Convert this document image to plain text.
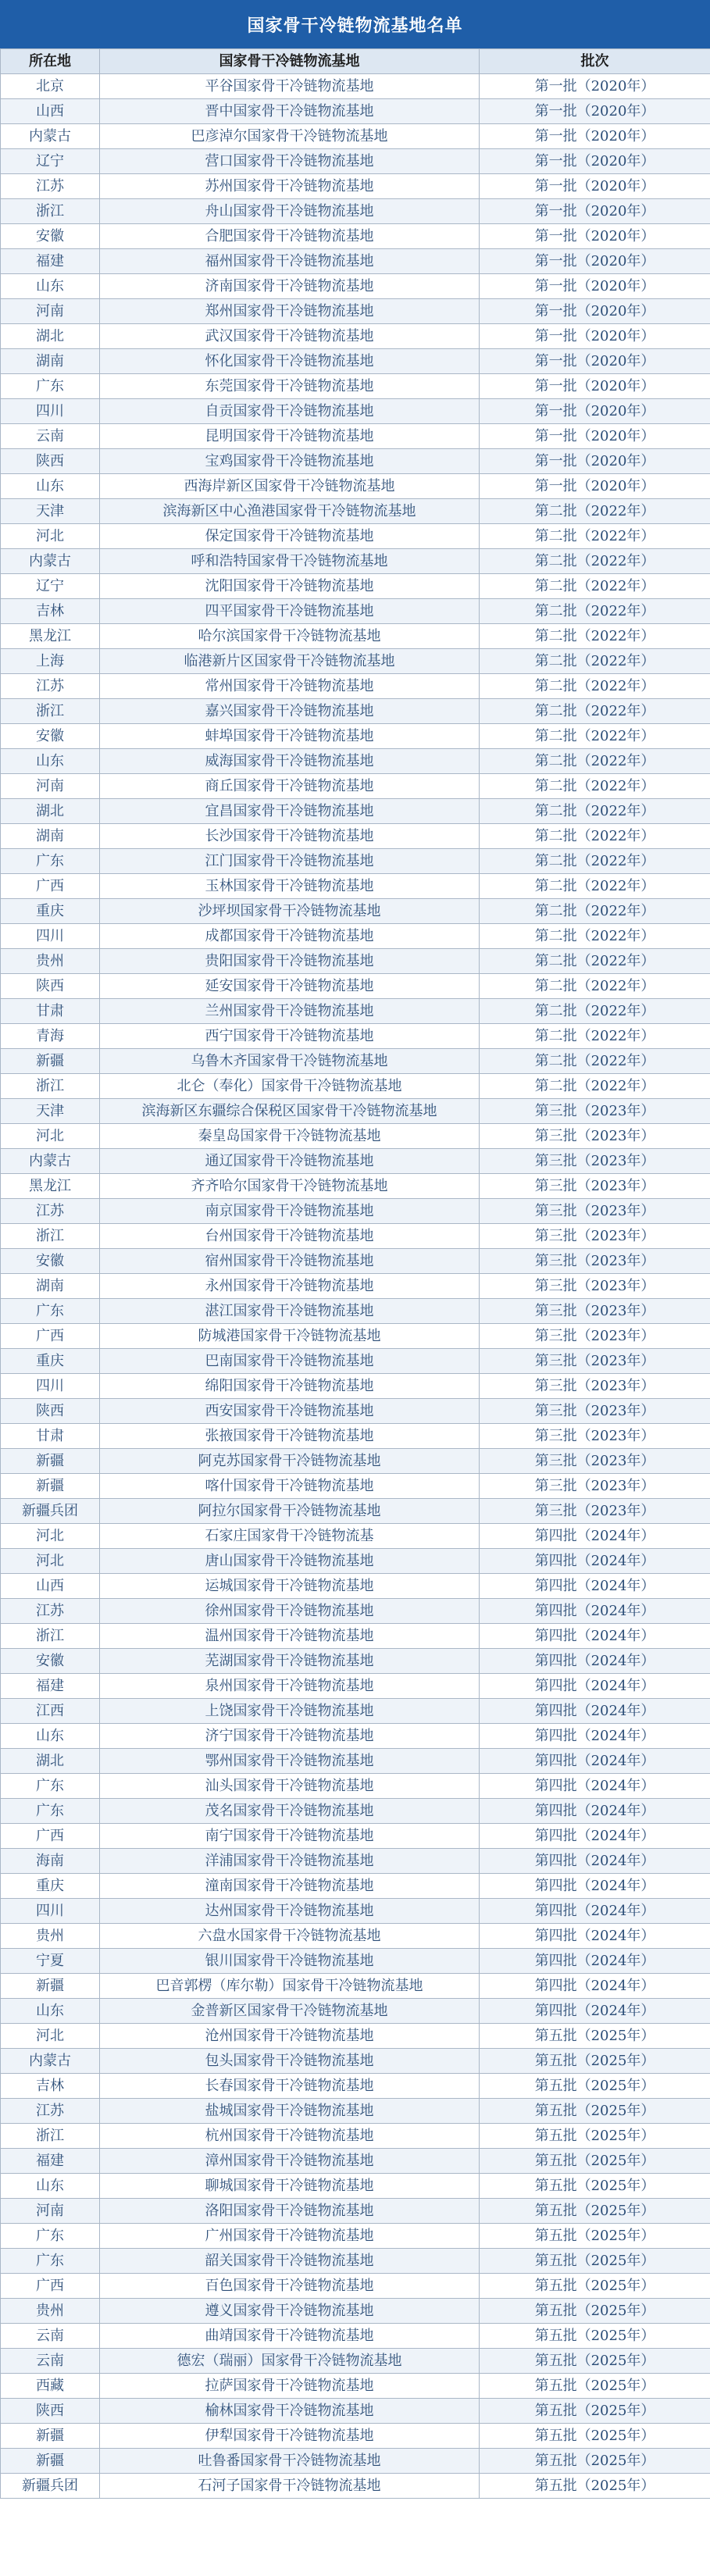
国家骨干冷链物流基地名单
所在地	国家骨干冷链物流基地	批次
北京	平谷国家骨干冷链物流基地	第一批（2020年）
山西	晋中国家骨干冷链物流基地	第一批（2020年）
内蒙古	巴彦淖尔国家骨干冷链物流基地	第一批（2020年）
辽宁	营口国家骨干冷链物流基地	第一批（2020年）
江苏	苏州国家骨干冷链物流基地	第一批（2020年）
浙江	舟山国家骨干冷链物流基地	第一批（2020年）
安徽	合肥国家骨干冷链物流基地	第一批（2020年）
福建	福州国家骨干冷链物流基地	第一批（2020年）
山东	济南国家骨干冷链物流基地	第一批（2020年）
河南	郑州国家骨干冷链物流基地	第一批（2020年）
湖北	武汉国家骨干冷链物流基地	第一批（2020年）
湖南	怀化国家骨干冷链物流基地	第一批（2020年）
广东	东莞国家骨干冷链物流基地	第一批（2020年）
四川	自贡国家骨干冷链物流基地	第一批（2020年）
云南	昆明国家骨干冷链物流基地	第一批（2020年）
陕西	宝鸡国家骨干冷链物流基地	第一批（2020年）
山东	西海岸新区国家骨干冷链物流基地	第一批（2020年）
天津	滨海新区中心渔港国家骨干冷链物流基地	第二批（2022年）
河北	保定国家骨干冷链物流基地	第二批（2022年）
内蒙古	呼和浩特国家骨干冷链物流基地	第二批（2022年）
辽宁	沈阳国家骨干冷链物流基地	第二批（2022年）
吉林	四平国家骨干冷链物流基地	第二批（2022年）
黑龙江	哈尔滨国家骨干冷链物流基地	第二批（2022年）
上海	临港新片区国家骨干冷链物流基地	第二批（2022年）
江苏	常州国家骨干冷链物流基地	第二批（2022年）
浙江	嘉兴国家骨干冷链物流基地	第二批（2022年）
安徽	蚌埠国家骨干冷链物流基地	第二批（2022年）
山东	威海国家骨干冷链物流基地	第二批（2022年）
河南	商丘国家骨干冷链物流基地	第二批（2022年）
湖北	宜昌国家骨干冷链物流基地	第二批（2022年）
湖南	长沙国家骨干冷链物流基地	第二批（2022年）
广东	江门国家骨干冷链物流基地	第二批（2022年）
广西	玉林国家骨干冷链物流基地	第二批（2022年）
重庆	沙坪坝国家骨干冷链物流基地	第二批（2022年）
四川	成都国家骨干冷链物流基地	第二批（2022年）
贵州	贵阳国家骨干冷链物流基地	第二批（2022年）
陕西	延安国家骨干冷链物流基地	第二批（2022年）
甘肃	兰州国家骨干冷链物流基地	第二批（2022年）
青海	西宁国家骨干冷链物流基地	第二批（2022年）
新疆	乌鲁木齐国家骨干冷链物流基地	第二批（2022年）
浙江	北仑（奉化）国家骨干冷链物流基地	第二批（2022年）
天津	滨海新区东疆综合保税区国家骨干冷链物流基地	第三批（2023年）
河北	秦皇岛国家骨干冷链物流基地	第三批（2023年）
内蒙古	通辽国家骨干冷链物流基地	第三批（2023年）
黑龙江	齐齐哈尔国家骨干冷链物流基地	第三批（2023年）
江苏	南京国家骨干冷链物流基地	第三批（2023年）
浙江	台州国家骨干冷链物流基地	第三批（2023年）
安徽	宿州国家骨干冷链物流基地	第三批（2023年）
湖南	永州国家骨干冷链物流基地	第三批（2023年）
广东	湛江国家骨干冷链物流基地	第三批（2023年）
广西	防城港国家骨干冷链物流基地	第三批（2023年）
重庆	巴南国家骨干冷链物流基地	第三批（2023年）
四川	绵阳国家骨干冷链物流基地	第三批（2023年）
陕西	西安国家骨干冷链物流基地	第三批（2023年）
甘肃	张掖国家骨干冷链物流基地	第三批（2023年）
新疆	阿克苏国家骨干冷链物流基地	第三批（2023年）
新疆	喀什国家骨干冷链物流基地	第三批（2023年）
新疆兵团	阿拉尔国家骨干冷链物流基地	第三批（2023年）
河北	石家庄国家骨干冷链物流基	第四批（2024年）
河北	唐山国家骨干冷链物流基地	第四批（2024年）
山西	运城国家骨干冷链物流基地	第四批（2024年）
江苏	徐州国家骨干冷链物流基地	第四批（2024年）
浙江	温州国家骨干冷链物流基地	第四批（2024年）
安徽	芜湖国家骨干冷链物流基地	第四批（2024年）
福建	泉州国家骨干冷链物流基地	第四批（2024年）
江西	上饶国家骨干冷链物流基地	第四批（2024年）
山东	济宁国家骨干冷链物流基地	第四批（2024年）
湖北	鄂州国家骨干冷链物流基地	第四批（2024年）
广东	汕头国家骨干冷链物流基地	第四批（2024年）
广东	茂名国家骨干冷链物流基地	第四批（2024年）
广西	南宁国家骨干冷链物流基地	第四批（2024年）
海南	洋浦国家骨干冷链物流基地	第四批（2024年）
重庆	潼南国家骨干冷链物流基地	第四批（2024年）
四川	达州国家骨干冷链物流基地	第四批（2024年）
贵州	六盘水国家骨干冷链物流基地	第四批（2024年）
宁夏	银川国家骨干冷链物流基地	第四批（2024年）
新疆	巴音郭楞（库尔勒）国家骨干冷链物流基地	第四批（2024年）
山东	金普新区国家骨干冷链物流基地	第四批（2024年）
河北	沧州国家骨干冷链物流基地	第五批（2025年）
内蒙古	包头国家骨干冷链物流基地	第五批（2025年）
吉林	长春国家骨干冷链物流基地	第五批（2025年）
江苏	盐城国家骨干冷链物流基地	第五批（2025年）
浙江	杭州国家骨干冷链物流基地	第五批（2025年）
福建	漳州国家骨干冷链物流基地	第五批（2025年）
山东	聊城国家骨干冷链物流基地	第五批（2025年）
河南	洛阳国家骨干冷链物流基地	第五批（2025年）
广东	广州国家骨干冷链物流基地	第五批（2025年）
广东	韶关国家骨干冷链物流基地	第五批（2025年）
广西	百色国家骨干冷链物流基地	第五批（2025年）
贵州	遵义国家骨干冷链物流基地	第五批（2025年）
云南	曲靖国家骨干冷链物流基地	第五批（2025年）
云南	德宏（瑞丽）国家骨干冷链物流基地	第五批（2025年）
西藏	拉萨国家骨干冷链物流基地	第五批（2025年）
陕西	榆林国家骨干冷链物流基地	第五批（2025年）
新疆	伊犁国家骨干冷链物流基地	第五批（2025年）
新疆	吐鲁番国家骨干冷链物流基地	第五批（2025年）
新疆兵团	石河子国家骨干冷链物流基地	第五批（2025年）
